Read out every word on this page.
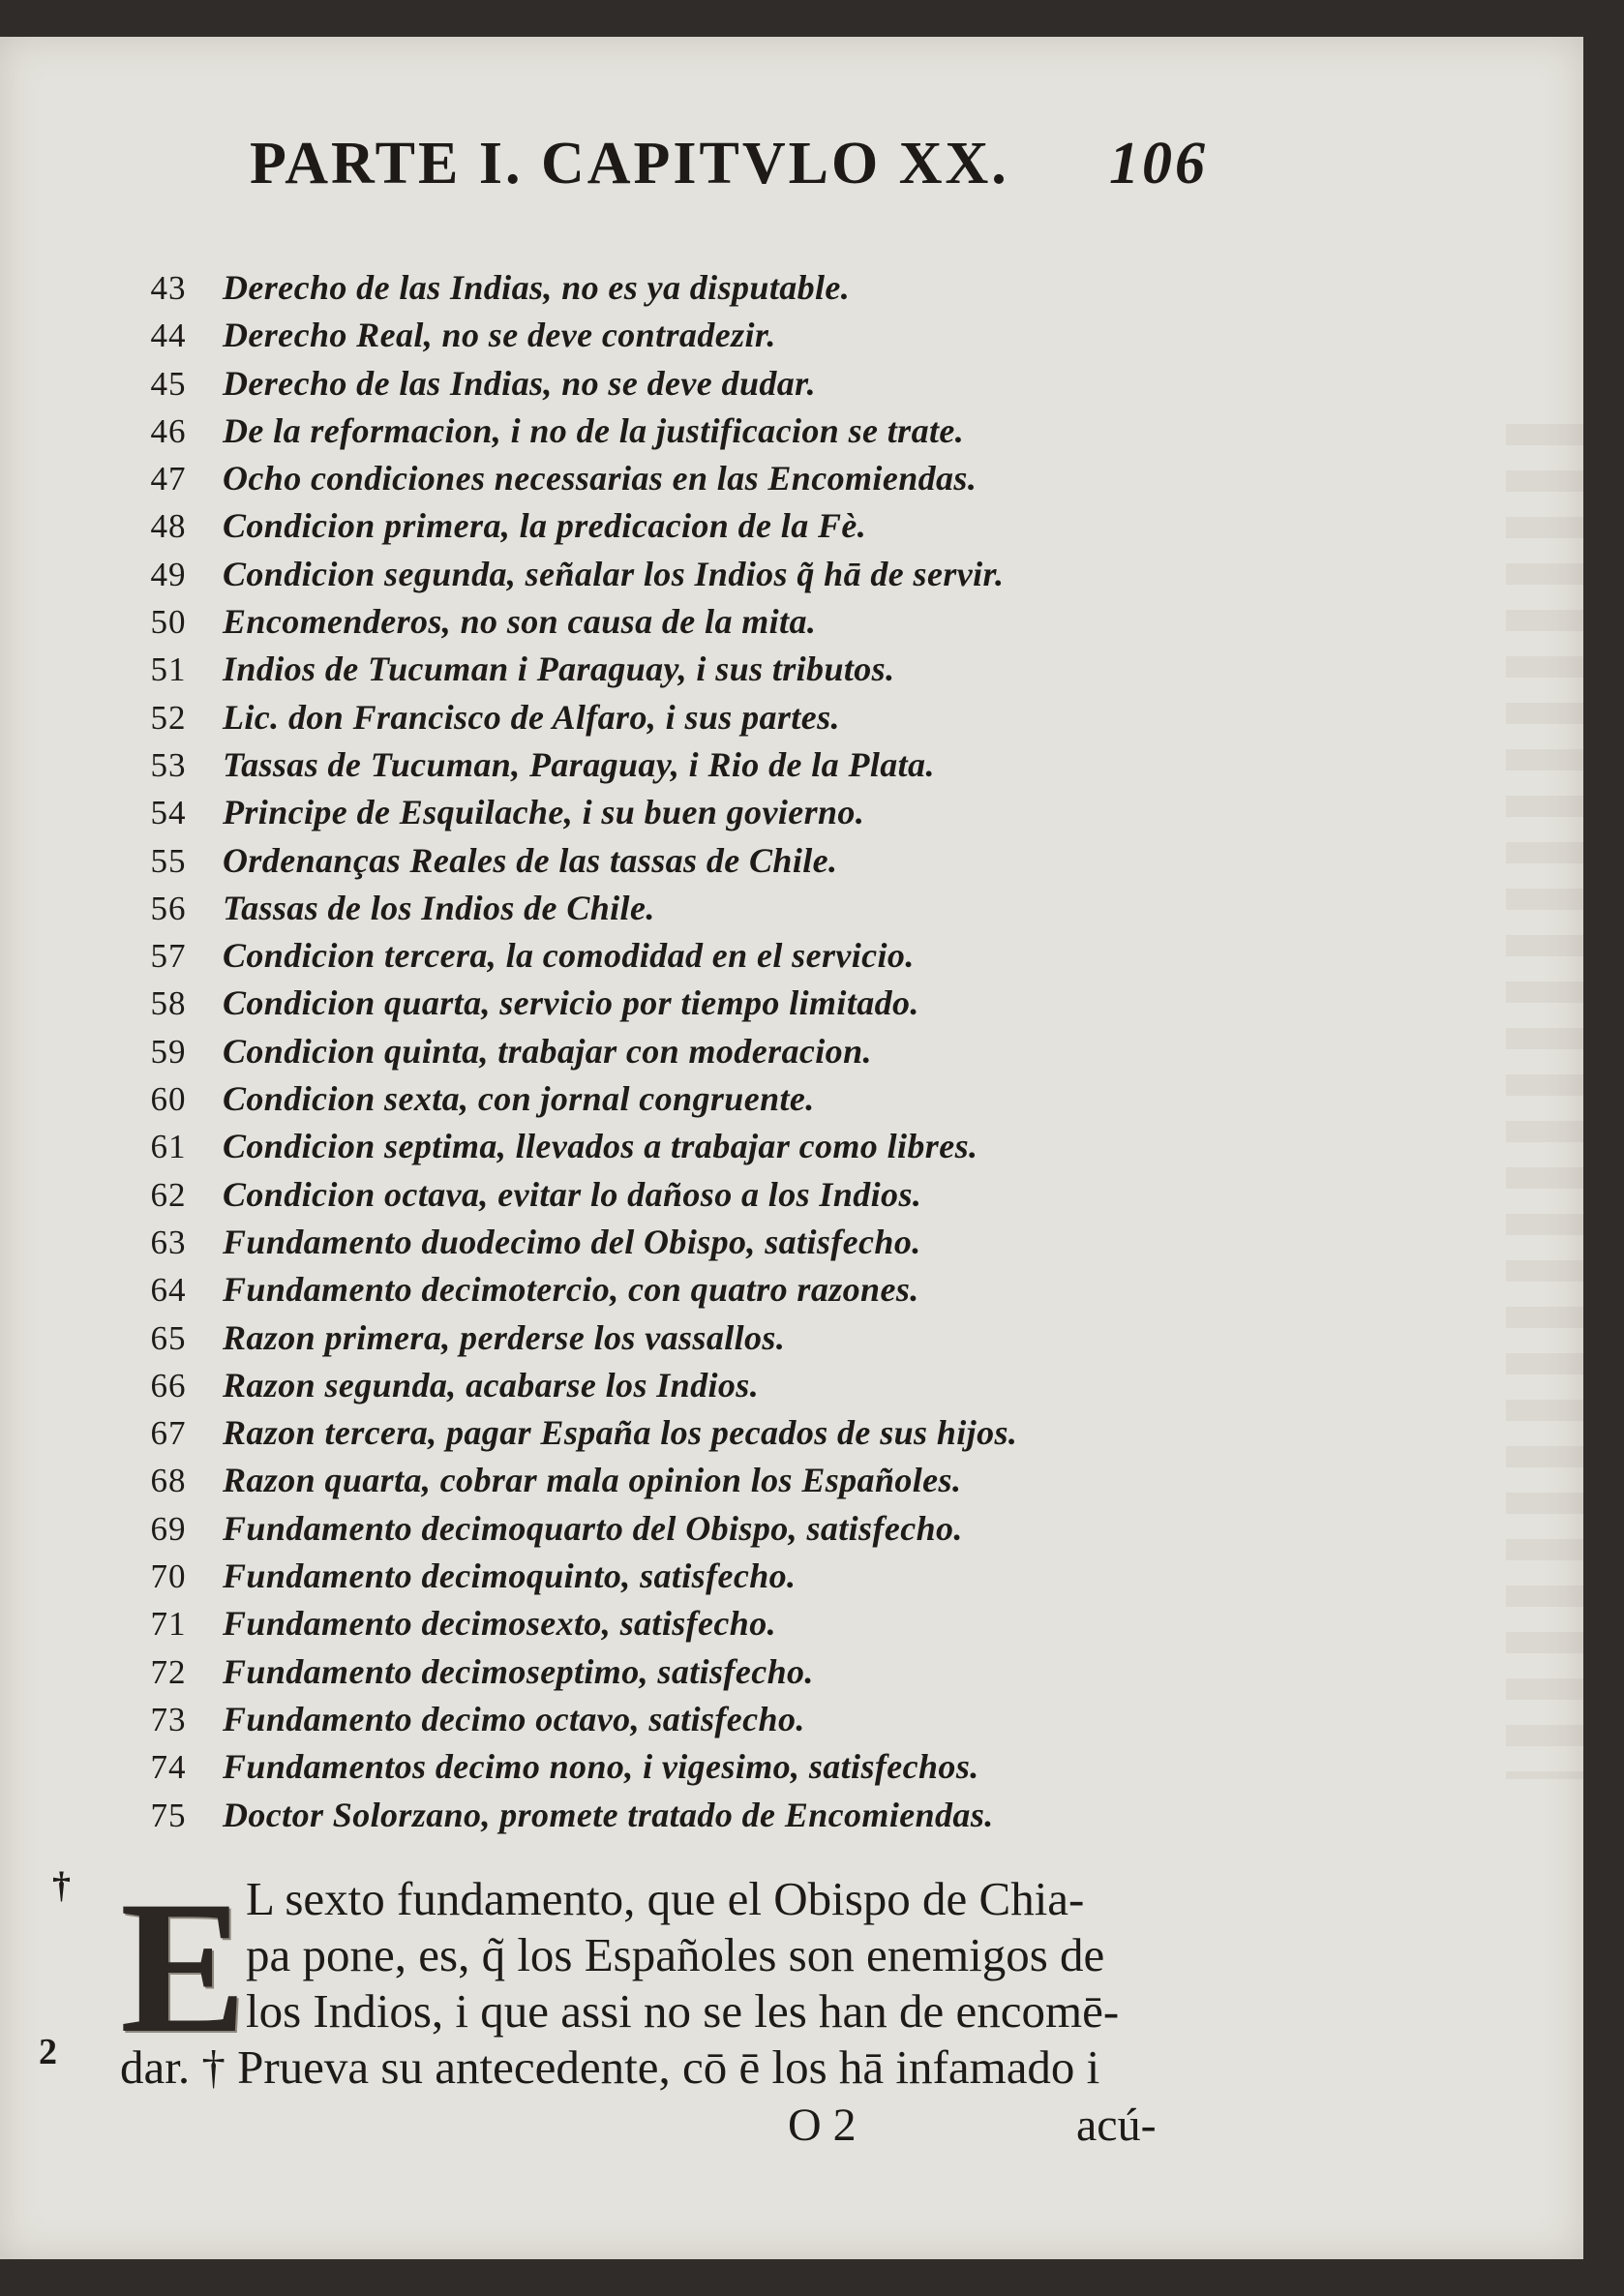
PARTE I. CAPITVLO XX. 106
43	Derecho de las Indias, no es ya disputable.
44	Derecho Real, no se deve contradezir.
45	Derecho de las Indias, no se deve dudar.
46	De la reformacion, i no de la justificacion se trate.
47	Ocho condiciones necessarias en las Encomiendas.
48	Condicion primera, la predicacion de la Fè.
49	Condicion segunda, señalar los Indios q̃ hā de servir.
50	Encomenderos, no son causa de la mita.
51	Indios de Tucuman i Paraguay, i sus tributos.
52	Lic. don Francisco de Alfaro, i sus partes.
53	Tassas de Tucuman, Paraguay, i Rio de la Plata.
54	Principe de Esquilache, i su buen govierno.
55	Ordenanças Reales de las tassas de Chile.
56	Tassas de los Indios de Chile.
57	Condicion tercera, la comodidad en el servicio.
58	Condicion quarta, servicio por tiempo limitado.
59	Condicion quinta, trabajar con moderacion.
60	Condicion sexta, con jornal congruente.
61	Condicion septima, llevados a trabajar como libres.
62	Condicion octava, evitar lo dañoso a los Indios.
63	Fundamento duodecimo del Obispo, satisfecho.
64	Fundamento decimotercio, con quatro razones.
65	Razon primera, perderse los vassallos.
66	Razon segunda, acabarse los Indios.
67	Razon tercera, pagar España los pecados de sus hijos.
68	Razon quarta, cobrar mala opinion los Españoles.
69	Fundamento decimoquarto del Obispo, satisfecho.
70	Fundamento decimoquinto, satisfecho.
71	Fundamento decimosexto, satisfecho.
72	Fundamento decimoseptimo, satisfecho.
73	Fundamento decimo octavo, satisfecho.
74	Fundamentos decimo nono, i vigesimo, satisfechos.
75	Doctor Solorzano, promete tratado de Encomiendas.
E L sexto fundamento, que el Obispo de Chia-
pa pone, es, q̃ los Españoles son enemigos de
los Indios, i que assi no se les han de encomē-
dar. † Prueva su antecedente, cō ē los hā infamado i
O 2	acú-
†
2
